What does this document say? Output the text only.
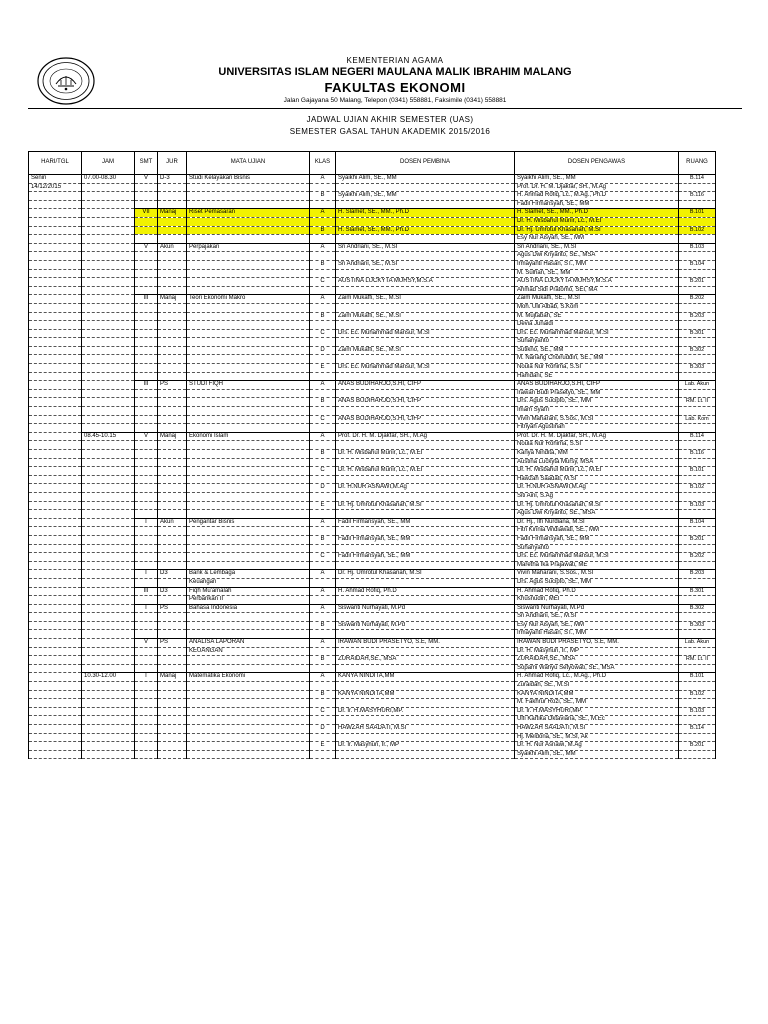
KEMENTERIAN AGAMA
UNIVERSITAS ISLAM NEGERI MAULANA MALIK IBRAHIM MALANG
FAKULTAS EKONOMI
Jalan Gajayana 50 Malang, Telepon (0341) 558881, Faksimile (0341) 558881
JADWAL UJIAN AKHIR SEMESTER (UAS)
SEMESTER GASAL TAHUN AKADEMIK 2015/2016
HARI/TGL	JAM	SMT	JUR	MATA UJIAN	KLAS	DOSEN PEMBINA	DOSEN PENGAWAS	RUANG
Senin	07.00-08.30	V	D-3	Studi Kelayakan Bisnis	A	Syaikhi Alim, SE., MM	Syaikhi Alim, SE., MM	B.114
14/12/2015							Prof. Dr. H. M. Djakfar, SH., M.Ag	
					B	Syaikhi Alim, SE., MM	H. Ahmad Rofiq, Lc., M.Ag., Ph.D	B.116
							Fadil Firmansyah, SE., MM	
		VII	Manaj	Riset Pemasaran	A	H. Slamet, SE., MM., Ph.D	H. Slamet, SE., MM., Ph.D	B.101
							Dr. H. Misbahul Munir, Lc., M.EI	
					B	H. Slamet, SE., MM., Ph.D	Dr. Hj. Umrotul Khasanah, M.SI	B.102
							Esy Nur Aisyah, SE., MM	
		V	Akun	Perpajakan	A	Sri Andriani, SE., M.SI	Sri Andriani, SE., M.SI	B.103
							Agus Dwi Kriyanto, SE., MSA	
					B	Sri Andriani, SE., M.SI	Irmayanti Hasan, ST., MM	B.104
							M. Sulhan, SE., MM	
					C	AUSTINA LUCKYTA MURSY,M.S.A	AUSTINA LUCKYTA MURSY,M.S.A	B.201
							Ahmad Sidi Pratomo, SEI, MA	
		III	Manaj	Teori Ekonomi Makro	A	Zaim Mukaffi, SE., M.SI	Zaim Mukaffi, SE., M.SI	B.202
							Moh. Ulil Albab, S.Kom	
					B	Zaim Mukaffi, SE., M.SI	M. Mujtabah, SE	B.203
							Devia Junaidi	
					C	Drs. Ec. Muhammad Mansur, M.SI	Drs. Ec. Muhammad Mansur, M.SI	B.301
							Suhariyanto	
					D	Zaim Mukaffi, SE., M.SI	Sutikno, SE., MM	B.302
							M. Nanang Choiruddin, SE., MM	
					E	Drs. Ec. Muhammad Mansur, M.SI	Noula Nur Rohima, S.SI	B.303
							Hamdani, SE	
		III	PS	STUDI FIQH	A	ANAS BUDIHARJO,S.HI, CIFP	ANAS BUDIHARJO,S.HI, CIFP	Lab. Akun
							Irawan Budi Prasetyo, SE., MM	
					B	ANAS BUDIHARJO,S.HI, CIFP	Drs. Agus Sucipto, SE., MM	RM. Lt. II
							Imam Syafi'i	
					C	ANAS BUDIHARJO,S.HI, CIFP	Vivin Maharani, S.Sos., M.SI	Lab. Kom
							Fitriyah Agustinah	
	08.45-10.15	V	Manaj	Ekonomi Islam	A	Prof. Dr. H. M. Djakfar, SH., M.Ag	Prof. Dr. H. M. Djakfar, SH., M.Ag	B.114
							Noula Nur Rohima, S.SI	
					B	Dr. H. Misbahul Munir, Lc., M.EI	Kanya Nindita, MM	B.116
							Austina Luckyta Mursy, MSA	
					C	Dr. H. Misbahul Munir, Lc., M.EI	Dr. H. Misbahul Munir, Lc., M.EI	B.101
							Hawzah Saadati, M.SI	
					D	Dr. H.NUR ASNAWI,M.Ag	Dr. H.NUR ASNAWI,M.Ag	B.102
							Siti Aini, S.Ag	
					E	Dr. Hj. Umrotul Khasanah, M.SI	Dr. Hj. Umrotul Khasanah, M.SI	B.103
							Agus Dwi Kriyanto, SE., MSA	
		I	Akun	Pengantar Bisnis	A	Fadil Firmansyah, SE., MM	Dr. Hj., Ilfi Nurdiana, M.SI	B.104
							Fitri Kinnia Widiawati, SE., MM	
					B	Fadil Firmansyah, SE., MM	Fadil Firmansyah, SE., MM	B.201
							Suhariyanto	
					C	Fadil Firmansyah, SE., MM	Drs. Ec. Muhammad Mansur, M.SI	B.202
							Maretha Ika Prajawati, ME	
		I	D3	Bank & Lembaga	A	Dr. Hj. Umrotul Khasanah, M.SI	Vivin Maharani, S.Sos., M.SI	B.203
				Keuangan			Drs. Agus Sucipto, SE., MM	
		III	D3	Fiqh Mu'amalah	A	H. Ahmad Rofiq, Ph.D	H. Ahmad Rofiq, Ph.D	B.301
				Perbankan II			Khusnudin, MEI	
		I	PS	Bahasa Indonesia	A	Siswanti Nurhayati, M.Pd	Siswanti Nurhayati, M.Pd	B.302
							Sri Andriani, SE., M.SI	
					B	Siswanti Nurhayati, M.Pd	Esy Nur Aisyah, SE., MM	B.303
							Irmayanti Hasan, ST., MM	
		V	PS	ANALISA LAPORAN	A	IRAWAN BUDI PRASETYO, S.E, MM.	IRAWAN BUDI PRASETYO, S.E, MM.	Lab. Akun
				KEUANGAN			Dr. H. Masyhuri, Ir., MP	
					B	ZURAIDAH,SE., MSA	ZURAIDAH,SE., MSA	RM. Lt. II
							Sopami Wahyu Setyowati, SE., MSA	
	10.30-12.00	I	Manaj	Matematika Ekonomi	A	KANYA NINDITA,MM	H. Ahmad Rofiq, Lc., M.Ag., Ph.D	B.101
							Zuraidah, SE., M.SI	
					B	KANYA NINDITA,MM	KANYA NINDITA,MM	B.102
							M. Fakhrur Rozi, SE., MM	
					C	Dr. Ir. H.MASYHURI,MP.	Dr. Ir. H.MASYHURI,MP.	B.103
							Ulfi Kartika Oktaviana, SE., M.Ec	
					D	HAWZAH SAADATI, M.SI	HAWZAH SAADATI, M.SI	B.114
							Hj. Meldona, SE., M.SI, Ak	
					E	Dr. Ir. Masyhuri, Ir., MP	Dr. H. Nur Asnawi, M.Ag	B.201
							Syaikhi Alim, SE., MM	
